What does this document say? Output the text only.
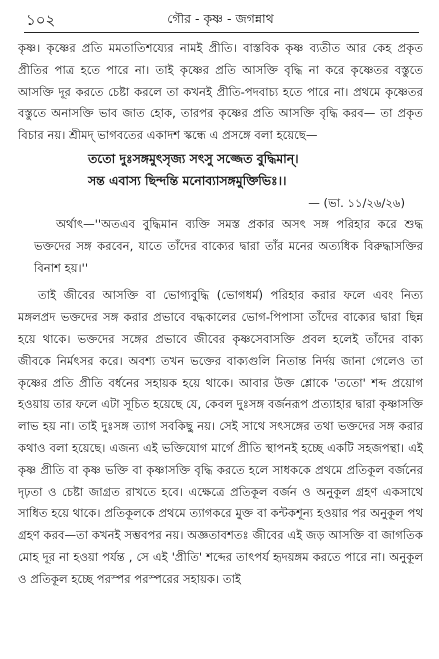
১০২	গৌর - কৃষ্ণ - জগন্নাথ

কৃষ্ণ। কৃষ্ণের প্রতি মমতাতিশয্যের নামই প্রীতি। বাস্তবিক কৃষ্ণ ব্যতীত আর কেহ প্রকৃত প্রীতির পাত্র হতে পারে না। তাই কৃষ্ণের প্রতি আসক্তি বৃদ্ধি না করে কৃষ্ণেতর বস্তুতে আসক্তি দূর করতে চেষ্টা করলে তা কখনই প্রীতি-পদবাচ্য হতে পারে না। প্রথমে কৃষ্ণেতর বস্তুতে অনাসক্তি ভাব জাত হোক, তারপর কৃষ্ণের প্রতি আসক্তি বৃদ্ধি করব— তা প্রকৃত বিচার নয়। শ্রীমদ্ ভাগবতের একাদশ স্কন্ধে এ প্রসঙ্গে বলা হয়েছে—

ততো দুঃসঙ্গমুৎসৃজ্য সৎসু সজ্জেত বুদ্ধিমান্।
সন্ত এবাস্য ছিন্দন্তি মনোব্যাসঙ্গমুক্তিভিঃ।।
— (ভা. ১১/২৬/২৬)

অর্থাৎ—''অতএব বুদ্ধিমান ব্যক্তি সমস্ত প্রকার অসৎ সঙ্গ পরিহার করে শুদ্ধ ভক্তদের সঙ্গ করবেন, যাতে তাঁদের বাক্যের দ্বারা তাঁর মনের অত্যধিক বিরুদ্ধাসক্তির বিনাশ হয়।''

তাই জীবের আসক্তি বা ভোগ্যবুদ্ধি (ভোগধর্ম) পরিহার করার ফলে এবং নিত্য মঙ্গলপ্রদ ভক্তদের সঙ্গ করার প্রভাবে বদ্ধকালের ভোগ-পিপাসা তাঁদের বাক্যের দ্বারা ছিন্ন হয়ে থাকে। ভক্তদের সঙ্গের প্রভাবে জীবের কৃষ্ণসেবাসক্তি প্রবল হলেই তাঁদের বাক্য জীবকে নির্মৎসর করে। অবশ্য তখন ভক্তের বাক্যগুলি নিতান্ত নির্দয় জানা গেলেও তা কৃষ্ণের প্রতি প্রীতি বর্ধনের সহায়ক হয়ে থাকে। আবার উক্ত শ্লোকে 'ততো' শব্দ প্রয়োগ হওয়ায় তার ফলে এটা সূচিত হয়েছে যে, কেবল দুঃসঙ্গ বর্জনরূপ প্রত্যাহার দ্বারা কৃষ্ণাসক্তি লাভ হয় না। তাই দুঃসঙ্গ ত্যাগ সবকিছু নয়। সেই সাথে সৎসঙ্গের তথা ভক্তদের সঙ্গ করার কথাও বলা হয়েছে। এজন্য এই ভক্তিযোগ মার্গে প্রীতি স্থাপনই হচ্ছে একটি সহজপন্থা। এই কৃষ্ণ প্রীতি বা কৃষ্ণ ভক্তি বা কৃষ্ণাসক্তি বৃদ্ধি করতে হলে সাধককে প্রথমে প্রতিকূল বর্জনের দৃঢ়তা ও চেষ্টা জাগ্রত রাখতে হবে। এক্ষেত্রে প্রতিকূল বর্জন ও অনুকূল গ্রহণ একসাথে সাধিত হয়ে থাকে। প্রতিকূলকে প্রথমে ত্যাগকরে মুক্ত বা কন্টকশূন্য হওয়ার পর অনুকূল পথ গ্রহণ করব—তা কখনই সম্ভবপর নয়। অজ্ঞতাবশতঃ জীবের এই জড় আসক্তি বা জাগতিক মোহ দূর না হওয়া পর্যন্ত , সে এই 'প্রীতি' শব্দের তাৎপর্য হৃদয়ঙ্গম করতে পারে না। অনুকূল ও প্রতিকূল হচ্ছে পরস্পর পরস্পরের সহায়ক। তাই
